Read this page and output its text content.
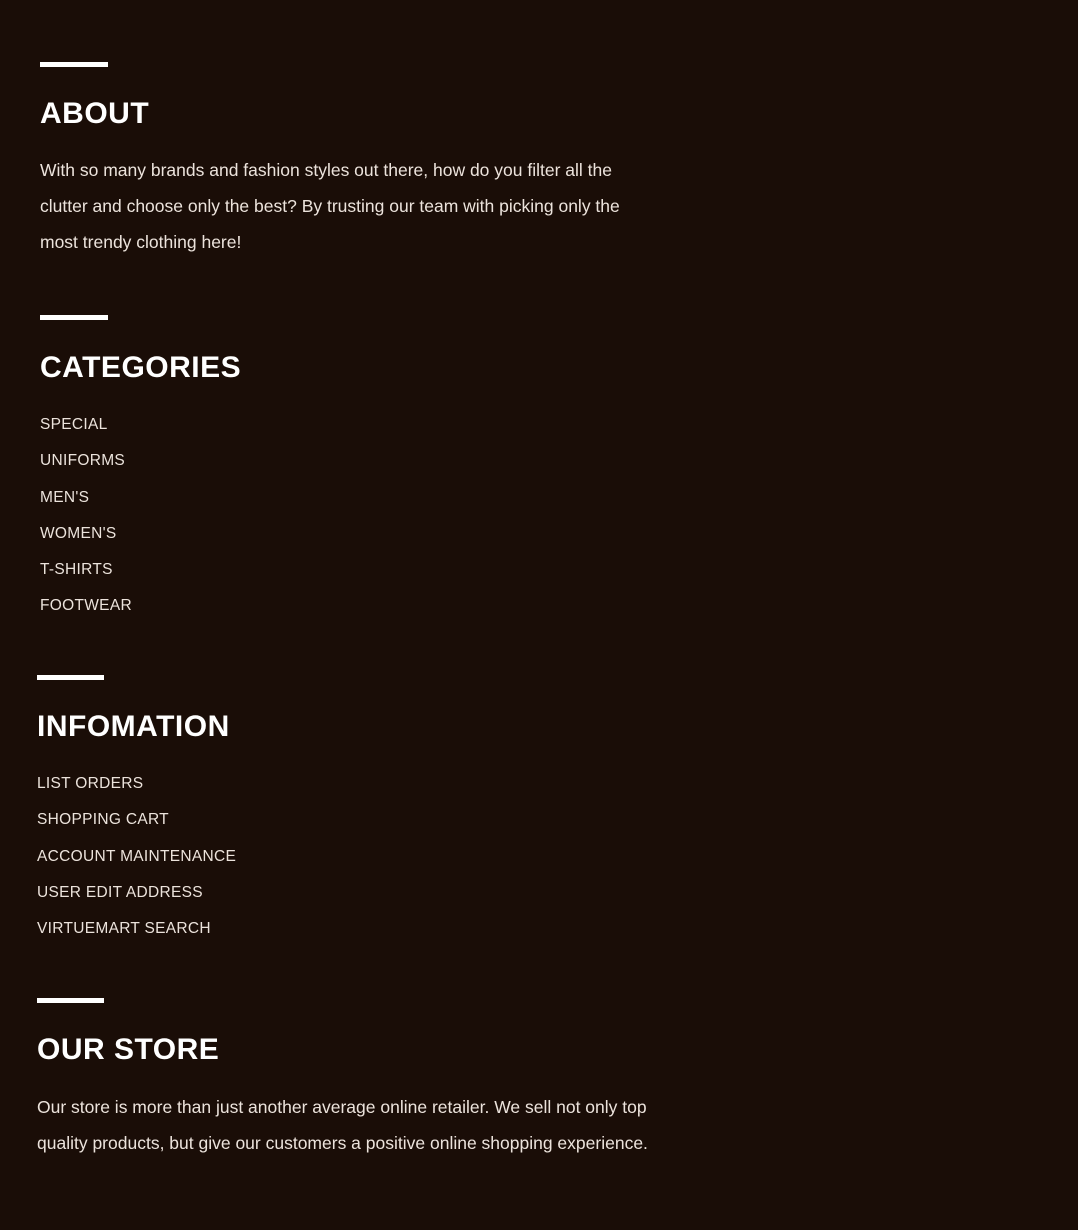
ABOUT

With so many brands and fashion styles out there, how do you filter all the clutter and choose only the best? By trusting our team with picking only the most trendy clothing here!

CATEGORIES
SPECIAL
UNIFORMS
MEN'S
WOMEN'S
T-SHIRTS
FOOTWEAR
INFOMATION
LIST ORDERS
SHOPPING CART
ACCOUNT MAINTENANCE
USER EDIT ADDRESS
VIRTUEMART SEARCH
OUR STORE

Our store is more than just another average online retailer. We sell not only top quality products, but give our customers a positive online shopping experience.
